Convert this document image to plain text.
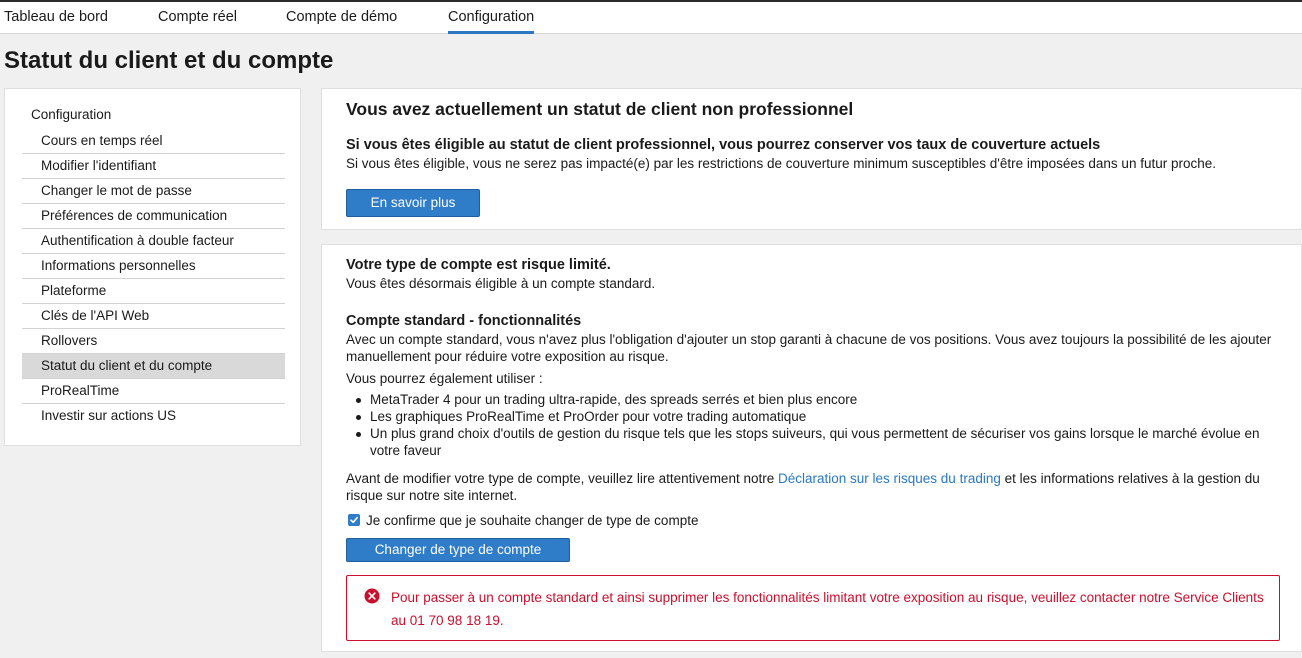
Tableau de bord	Compte réel	Compte de démo	Configuration
Statut du client et du compte
Configuration
Cours en temps réel
Modifier l'identifiant
Changer le mot de passe
Préférences de communication
Authentification à double facteur
Informations personnelles
Plateforme
Clés de l'API Web
Rollovers
Statut du client et du compte
ProRealTime
Investir sur actions US
Vous avez actuellement un statut de client non professionnel
Si vous êtes éligible au statut de client professionnel, vous pourrez conserver vos taux de couverture actuels
Si vous êtes éligible, vous ne serez pas impacté(e) par les restrictions de couverture minimum susceptibles d'être imposées dans un futur proche.
En savoir plus
Votre type de compte est risque limité.
Vous êtes désormais éligible à un compte standard.
Compte standard - fonctionnalités
Avec un compte standard, vous n'avez plus l'obligation d'ajouter un stop garanti à chacune de vos positions. Vous avez toujours la possibilité de les ajouter manuellement pour réduire votre exposition au risque.
Vous pourrez également utiliser :
MetaTrader 4 pour un trading ultra-rapide, des spreads serrés et bien plus encore
Les graphiques ProRealTime et ProOrder pour votre trading automatique
Un plus grand choix d'outils de gestion du risque tels que les stops suiveurs, qui vous permettent de sécuriser vos gains lorsque le marché évolue en votre faveur
Avant de modifier votre type de compte, veuillez lire attentivement notre Déclaration sur les risques du trading et les informations relatives à la gestion du risque sur notre site internet.
Je confirme que je souhaite changer de type de compte
Changer de type de compte
Pour passer à un compte standard et ainsi supprimer les fonctionnalités limitant votre exposition au risque, veuillez contacter notre Service Clients au 01 70 98 18 19.
